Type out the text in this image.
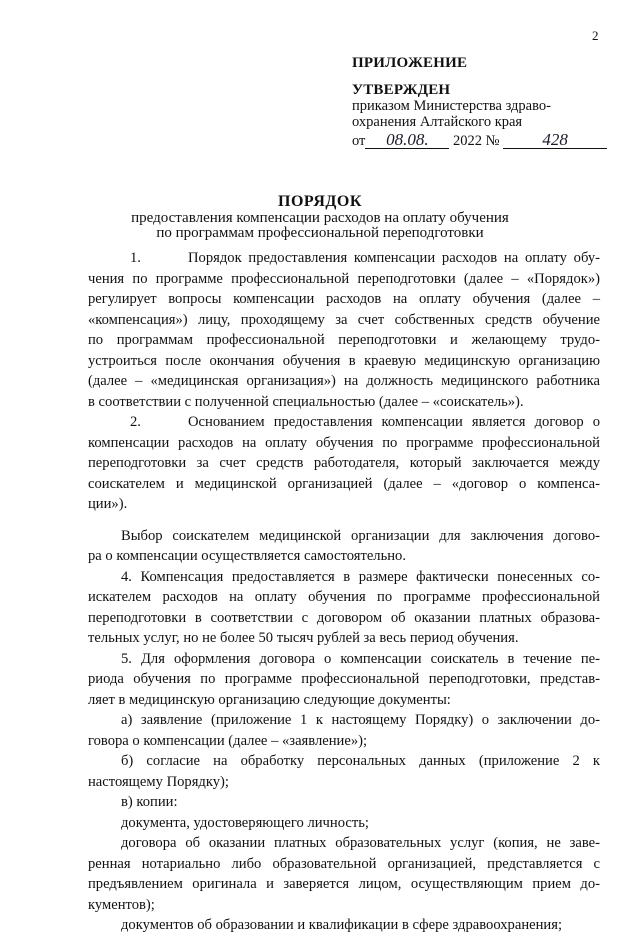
2
ПРИЛОЖЕНИЕ
УТВЕРЖДЕН
приказом Министерства здраво-
охранения Алтайского края
от 08.08. 2022 №	428
ПОРЯДОК
предоставления компенсации расходов на оплату обучения
по программам профессиональной переподготовки
1.	Порядок предоставления компенсации расходов на оплату обу-
чения по программе профессиональной переподготовки (далее – «Порядок»)
регулирует вопросы компенсации расходов на оплату обучения (далее –
«компенсация») лицу, проходящему за счет собственных средств обучение
по программам профессиональной переподготовки и желающему трудо-
устроиться после окончания обучения в краевую медицинскую организацию
(далее – «медицинская организация») на должность медицинского работника
в соответствии с полученной специальностью (далее – «соискатель»).
2.	Основанием предоставления компенсации является договор о
компенсации расходов на оплату обучения по программе профессиональной
переподготовки за счет средств работодателя, который заключается между
соискателем и медицинской организацией (далее – «договор о компенса-
ции»).
Выбор соискателем медицинской организации для заключения догово-
ра о компенсации осуществляется самостоятельно.
4. Компенсация предоставляется в размере фактически понесенных со-
искателем расходов на оплату обучения по программе профессиональной
переподготовки в соответствии с договором об оказании платных образова-
тельных услуг, но не более 50 тысяч рублей за весь период обучения.
5. Для оформления договора о компенсации соискатель в течение пе-
риода обучения по программе профессиональной переподготовки, представ-
ляет в медицинскую организацию следующие документы:
а) заявление (приложение 1 к настоящему Порядку) о заключении до-
говора о компенсации (далее – «заявление»);
б) согласие на обработку персональных данных (приложение 2 к
настоящему Порядку);
в) копии:
документа, удостоверяющего личность;
договора об оказании платных образовательных услуг (копия, не заве-
ренная нотариально либо образовательной организацией, представляется с
предъявлением оригинала и заверяется лицом, осуществляющим прием до-
кументов);
документов об образовании и квалификации в сфере здравоохранения;
